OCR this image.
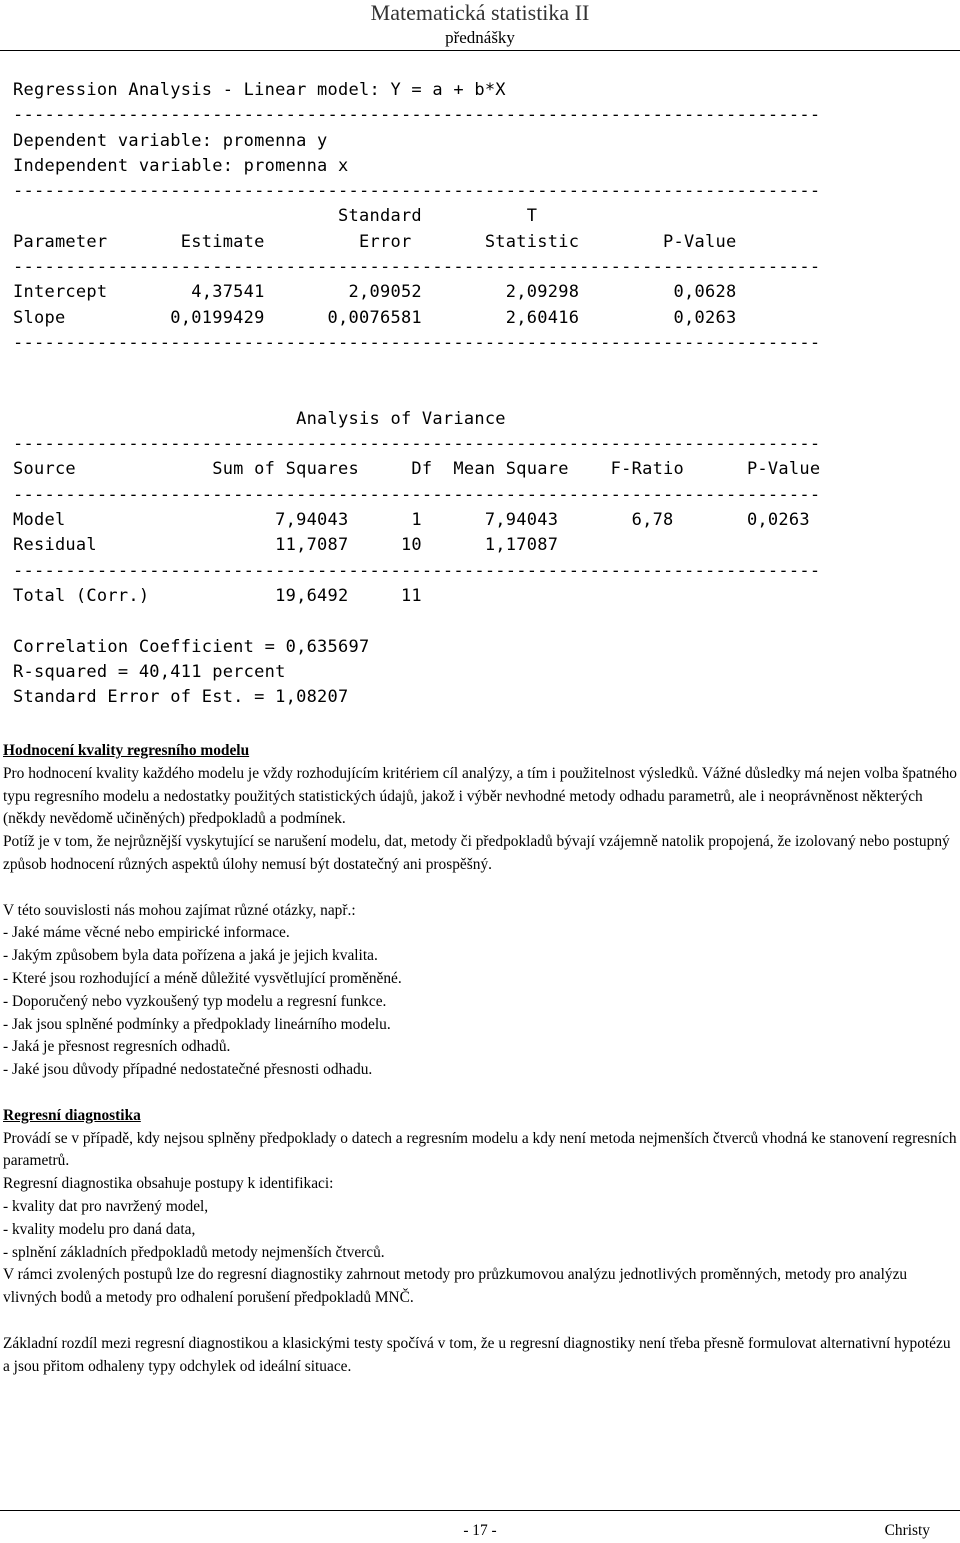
Matematická statistika II
přednášky
Regression Analysis - Linear model: Y = a + b*X
-----------------------------------------------------------------------------
Dependent variable: promenna y
Independent variable: promenna x
-----------------------------------------------------------------------------
Standard          T
Parameter       Estimate         Error       Statistic        P-Value
-----------------------------------------------------------------------------
Intercept        4,37541        2,09052        2,09298         0,0628
Slope          0,0199429      0,0076581        2,60416         0,0263
-----------------------------------------------------------------------------
Analysis of Variance
-----------------------------------------------------------------------------
Source             Sum of Squares     Df  Mean Square    F-Ratio      P-Value
-----------------------------------------------------------------------------
Model                    7,94043      1      7,94043       6,78       0,0263
Residual                 11,7087     10      1,17087
-----------------------------------------------------------------------------
Total (Corr.)            19,6492     11
Correlation Coefficient = 0,635697
R-squared = 40,411 percent
Standard Error of Est. = 1,08207

Hodnocení kvality regresního modelu

Pro hodnocení kvality každého modelu je vždy rozhodujícím kritériem cíl analýzy, a tím i použitelnost výsledků. Vážné důsledky má nejen volba špatného typu regresního modelu a nedostatky použitých statistických údajů, jakož i výběr nevhodné metody odhadu parametrů, ale i neoprávněnost některých (někdy nevědomě učiněných) předpokladů a podmínek.

Potíž je v tom, že nejrůznější vyskytující se narušení modelu, dat, metody či předpokladů bývají vzájemně natolik propojená, že izolovaný nebo postupný způsob hodnocení různých aspektů úlohy nemusí být dostatečný ani prospěšný.

V této souvislosti nás mohou zajímat různé otázky, např.:

- Jaké máme věcné nebo empirické informace.

- Jakým způsobem byla data pořízena a jaká je jejich kvalita.

- Které jsou rozhodující a méně důležité vysvětlující proměněné.

- Doporučený nebo vyzkoušený typ modelu a regresní funkce.

- Jak jsou splněné podmínky a předpoklady lineárního modelu.

- Jaká je přesnost regresních odhadů.

- Jaké jsou důvody případné nedostatečné přesnosti odhadu.

Regresní diagnostika

Provádí se v případě, kdy nejsou splněny předpoklady o datech a regresním modelu a kdy není metoda nejmenších čtverců vhodná ke stanovení regresních parametrů.

Regresní diagnostika obsahuje postupy k identifikaci:

- kvality dat pro navržený model,

- kvality modelu pro daná data,

- splnění základních předpokladů metody nejmenších čtverců.

V rámci zvolených postupů lze do regresní diagnostiky zahrnout metody pro průzkumovou analýzu jednotlivých proměnných, metody pro analýzu vlivných bodů a metody pro odhalení porušení předpokladů MNČ.

Základní rozdíl mezi regresní diagnostikou a klasickými testy spočívá v tom, že u regresní diagnostiky není třeba přesně formulovat alternativní hypotézu a jsou přitom odhaleny typy odchylek od ideální situace.

- 17 -	Christy
